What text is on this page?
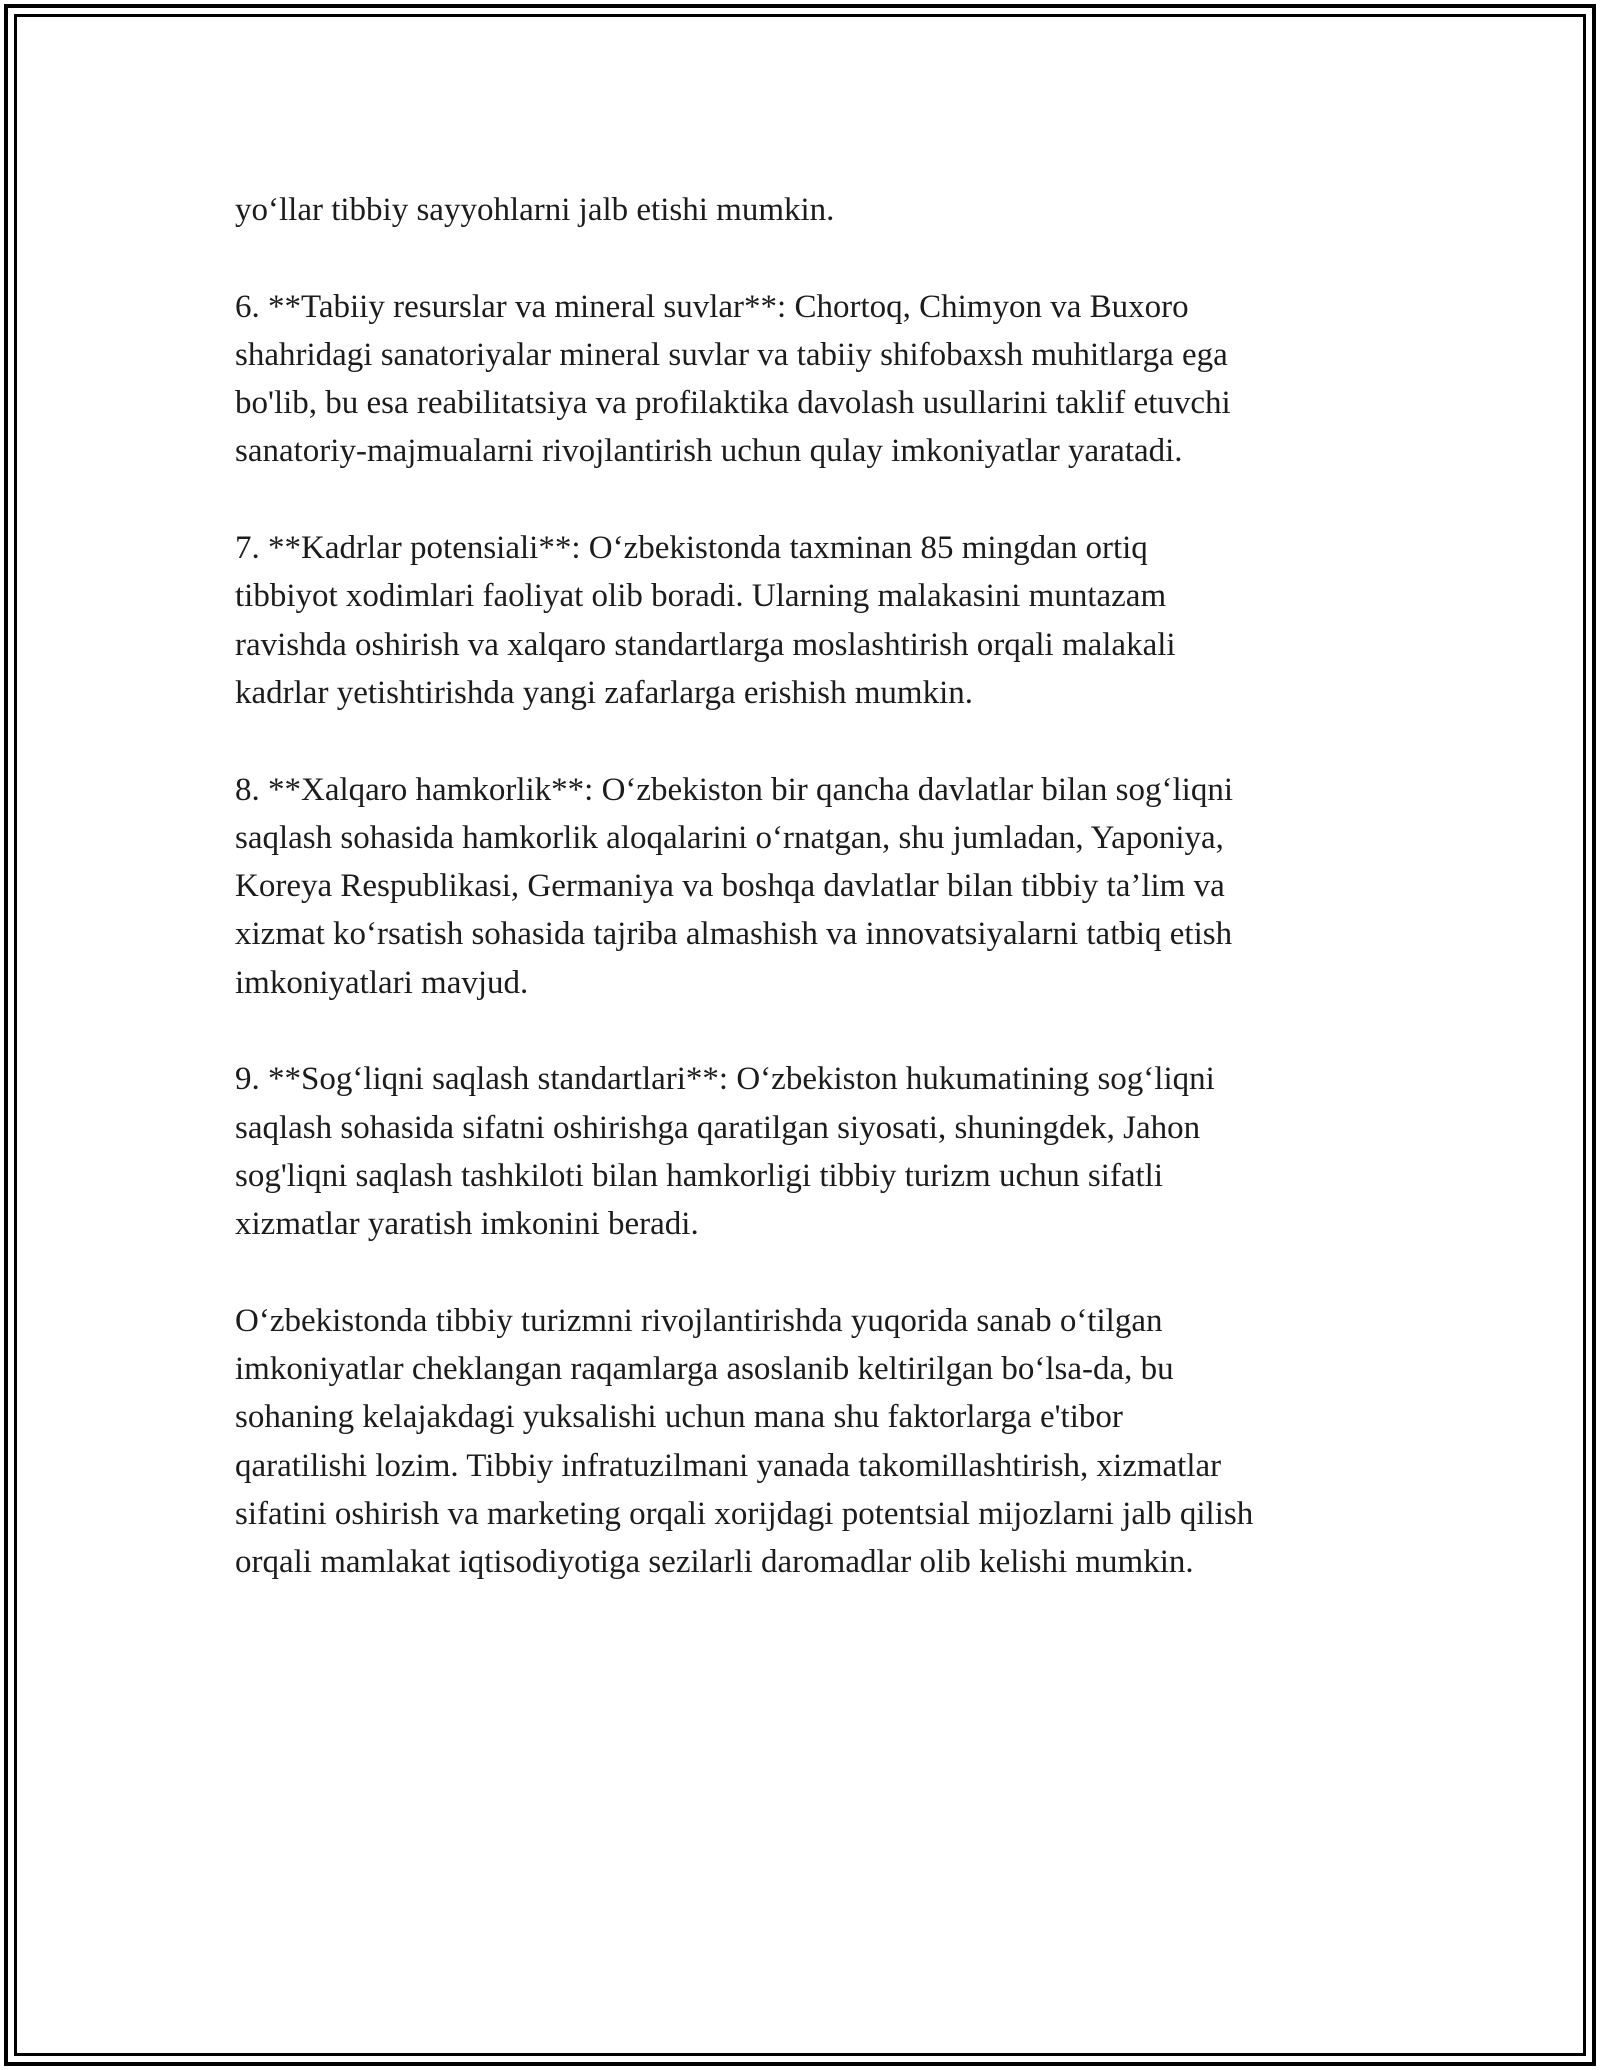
yo‘llar tibbiy sayyohlarni jalb etishi mumkin.

6. **Tabiiy resurslar va mineral suvlar**: Chortoq, Chimyon va Buxoro
shahridagi sanatoriyalar mineral suvlar va tabiiy shifobaxsh muhitlarga ega
bo'lib, bu esa reabilitatsiya va profilaktika davolash usullarini taklif etuvchi
sanatoriy-majmualarni rivojlantirish uchun qulay imkoniyatlar yaratadi.

7. **Kadrlar potensiali**: O‘zbekistonda taxminan 85 mingdan ortiq
tibbiyot xodimlari faoliyat olib boradi. Ularning malakasini muntazam
ravishda oshirish va xalqaro standartlarga moslashtirish orqali malakali
kadrlar yetishtirishda yangi zafarlarga erishish mumkin.

8. **Xalqaro hamkorlik**: O‘zbekiston bir qancha davlatlar bilan sog‘liqni
saqlash sohasida hamkorlik aloqalarini o‘rnatgan, shu jumladan, Yaponiya,
Koreya Respublikasi, Germaniya va boshqa davlatlar bilan tibbiy ta’lim va
xizmat ko‘rsatish sohasida tajriba almashish va innovatsiyalarni tatbiq etish
imkoniyatlari mavjud.

9. **Sog‘liqni saqlash standartlari**: O‘zbekiston hukumatining sog‘liqni
saqlash sohasida sifatni oshirishga qaratilgan siyosati, shuningdek, Jahon
sog'liqni saqlash tashkiloti bilan hamkorligi tibbiy turizm uchun sifatli
xizmatlar yaratish imkonini beradi.

O‘zbekistonda tibbiy turizmni rivojlantirishda yuqorida sanab o‘tilgan
imkoniyatlar cheklangan raqamlarga asoslanib keltirilgan bo‘lsa-da, bu
sohaning kelajakdagi yuksalishi uchun mana shu faktorlarga e'tibor
qaratilishi lozim. Tibbiy infratuzilmani yanada takomillashtirish, xizmatlar
sifatini oshirish va marketing orqali xorijdagi potentsial mijozlarni jalb qilish
orqali mamlakat iqtisodiyotiga sezilarli daromadlar olib kelishi mumkin.
